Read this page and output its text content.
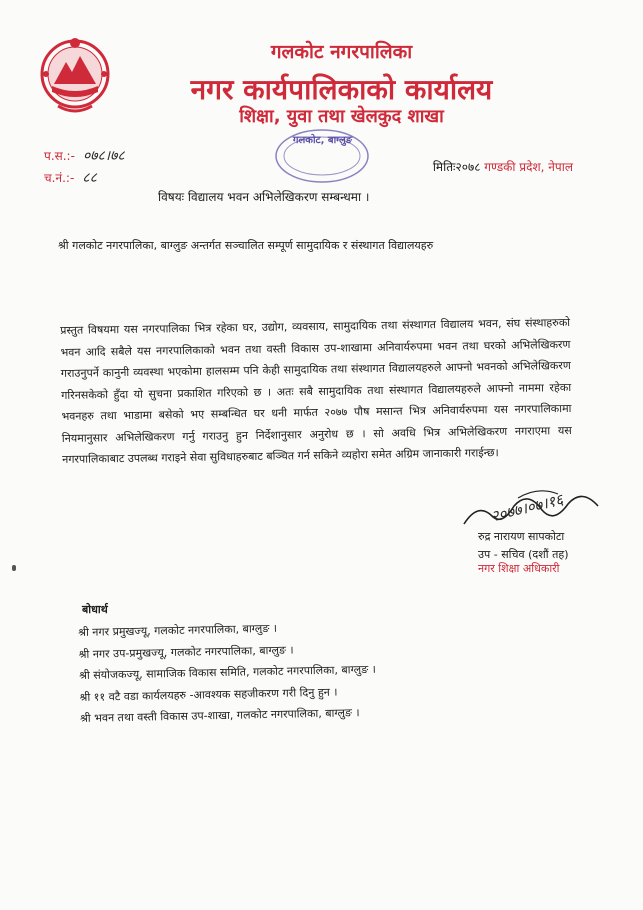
गलकोट नगरपालिका
नगर कार्यपालिकाको कार्यालय
शिक्षा, युवा तथा खेलकुद शाखा
गलकोट, बाग्लुङ
प.स.:- ०७८।७८
च.नं.:- ८८
मितिः२०७८ गण्डकी प्रदेश, नेपाल
विषयः विद्यालय भवन अभिलेखिकरण सम्बन्धमा ।
श्री गलकोट नगरपालिका, बाग्लुङ अन्तर्गत सञ्चालित सम्पूर्ण सामुदायिक र संस्थागत विद्यालयहरु
प्रस्तुत विषयमा यस नगरपालिका भित्र रहेका घर, उद्योग, व्यवसाय, सामुदायिक तथा संस्थागत विद्यालय भवन, संघ संस्थाहरुको भवन आदि सबैले यस नगरपालिकाको भवन तथा वस्ती विकास उप-शाखामा अनिवार्यरुपमा भवन तथा घरको अभिलेखिकरण गराउनुपर्ने कानुनी व्यवस्था भएकोमा हालसम्म पनि केही सामुदायिक तथा संस्थागत विद्यालयहरुले आफ्नो भवनको अभिलेखिकरण गरिनसकेको हुँदा यो सुचना प्रकाशित गरिएको छ । अतः सबै सामुदायिक तथा संस्थागत विद्यालयहरुले आफ्नो नाममा रहेका भवनहरु तथा भाडामा बसेको भए सम्बन्धित घर धनी मार्फत २०७७ पौष मसान्त भित्र अनिवार्यरुपमा यस नगरपालिकामा नियमानुसार अभिलेखिकरण गर्नु गराउनु हुन निर्देशानुसार अनुरोध छ । सो अवधि भित्र अभिलेखिकरण नगराएमा यस नगरपालिकाबाट उपलब्ध गराइने सेवा सुविधाहरुबाट बञ्चित गर्न सकिने व्यहोरा समेत अग्रिम जानाकारी गराईन्छ।
२०७७।०७।१६
रुद्र नारायण सापकोटा
उप - सचिव (दशौं तह)
नगर शिक्षा अधिकारी
बोधार्थ
श्री नगर प्रमुखज्यू, गलकोट नगरपालिका, बाग्लुङ ।
श्री नगर उप-प्रमुखज्यू, गलकोट नगरपालिका, बाग्लुङ ।
श्री संयोजकज्यू, सामाजिक विकास समिति, गलकोट नगरपालिका, बाग्लुङ ।
श्री ११ वटै वडा कार्यलयहरु -आवश्यक सहजीकरण गरी दिनु हुन ।
श्री भवन तथा वस्ती विकास उप-शाखा, गलकोट नगरपालिका, बाग्लुङ ।
